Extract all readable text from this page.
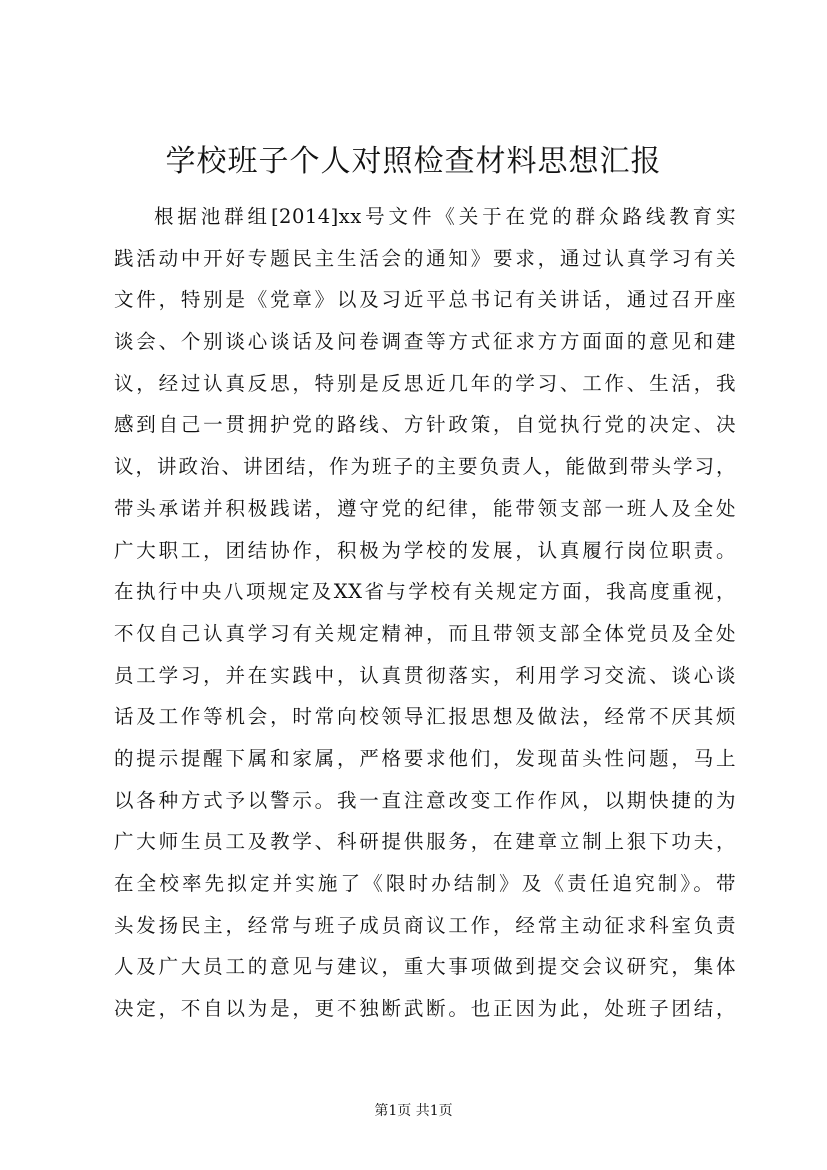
学校班子个人对照检查材料思想汇报
根据池群组[2014]xx号文件《关于在党的群众路线教育实
践活动中开好专题民主生活会的通知》要求，通过认真学习有关
文件，特别是《党章》以及习近平总书记有关讲话，通过召开座
谈会、个别谈心谈话及问卷调查等方式征求方方面面的意见和建
议，经过认真反思，特别是反思近几年的学习、工作、生活，我
感到自己一贯拥护党的路线、方针政策，自觉执行党的决定、决
议，讲政治、讲团结，作为班子的主要负责人，能做到带头学习，
带头承诺并积极践诺，遵守党的纪律，能带领支部一班人及全处
广大职工，团结协作，积极为学校的发展，认真履行岗位职责。
在执行中央八项规定及XX省与学校有关规定方面，我高度重视，
不仅自己认真学习有关规定精神，而且带领支部全体党员及全处
员工学习，并在实践中，认真贯彻落实，利用学习交流、谈心谈
话及工作等机会，时常向校领导汇报思想及做法，经常不厌其烦
的提示提醒下属和家属，严格要求他们，发现苗头性问题，马上
以各种方式予以警示。我一直注意改变工作作风，以期快捷的为
广大师生员工及教学、科研提供服务，在建章立制上狠下功夫，
在全校率先拟定并实施了《限时办结制》及《责任追究制》。带
头发扬民主，经常与班子成员商议工作，经常主动征求科室负责
人及广大员工的意见与建议，重大事项做到提交会议研究，集体
决定，不自以为是，更不独断武断。也正因为此，处班子团结，
第1页 共1页
